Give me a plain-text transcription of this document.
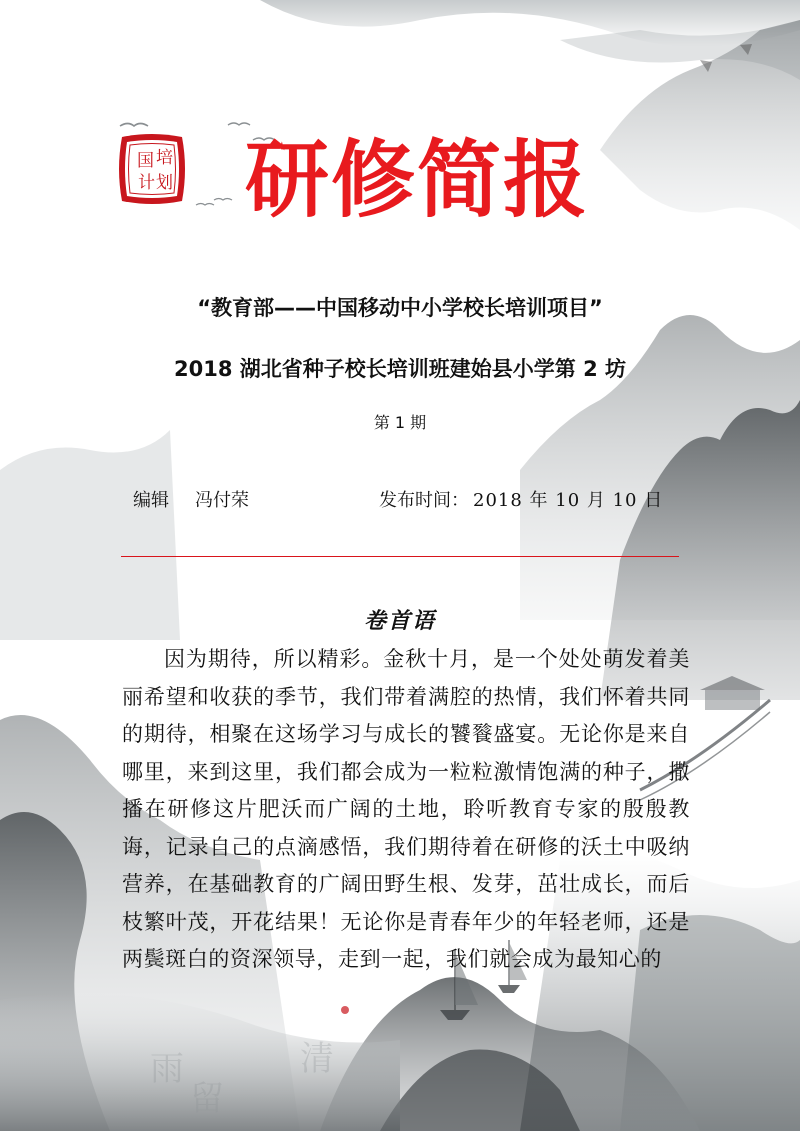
雨	清
留
国 培
计 划 研修简报

“教育部——中国移动中小学校长培训项目”

2018 湖北省种子校长培训班建始县小学第 2 坊

第 1 期
编辑 冯付荣	发布时间： 2018 年 10 月 10 日
卷首语

因为期待，所以精彩。金秋十月，是一个处处萌发着美丽希望和收获的季节，我们带着满腔的热情，我们怀着共同的期待，相聚在这场学习与成长的饕餮盛宴。无论你是来自哪里，来到这里，我们都会成为一粒粒激情饱满的种子，撒播在研修这片肥沃而广阔的土地，聆听教育专家的殷殷教诲，记录自己的点滴感悟，我们期待着在研修的沃土中吸纳营养，在基础教育的广阔田野生根、发芽，茁壮成长，而后枝繁叶茂，开花结果！无论你是青春年少的年轻老师，还是两鬓斑白的资深领导，走到一起，我们就会成为最知心的
